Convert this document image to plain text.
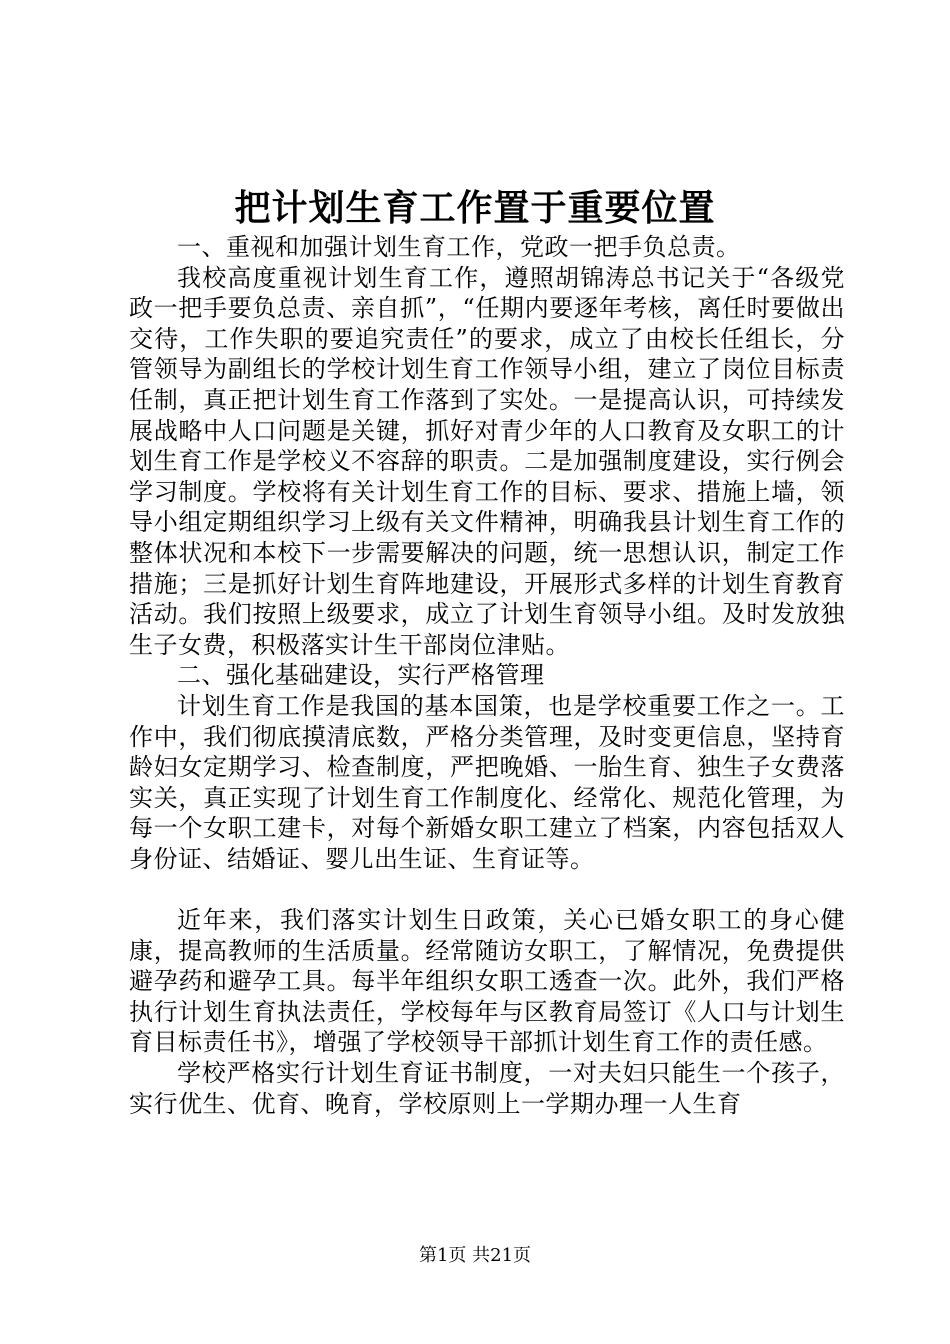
把计划生育工作置于重要位置

一、重视和加强计划生育工作，党政一把手负总责。

我校高度重视计划生育工作，遵照胡锦涛总书记关于“各级党政一把手要负总责、亲自抓”，“任期内要逐年考核，离任时要做出交待，工作失职的要追究责任”的要求，成立了由校长任组长，分管领导为副组长的学校计划生育工作领导小组，建立了岗位目标责任制，真正把计划生育工作落到了实处。一是提高认识，可持续发展战略中人口问题是关键，抓好对青少年的人口教育及女职工的计划生育工作是学校义不容辞的职责。二是加强制度建设，实行例会学习制度。学校将有关计划生育工作的目标、要求、措施上墙，领导小组定期组织学习上级有关文件精神，明确我县计划生育工作的整体状况和本校下一步需要解决的问题，统一思想认识，制定工作措施；三是抓好计划生育阵地建设，开展形式多样的计划生育教育活动。我们按照上级要求，成立了计划生育领导小组。及时发放独生子女费，积极落实计生干部岗位津贴。

二、强化基础建设，实行严格管理

计划生育工作是我国的基本国策，也是学校重要工作之一。工作中，我们彻底摸清底数，严格分类管理，及时变更信息，坚持育龄妇女定期学习、检查制度，严把晚婚、一胎生育、独生子女费落实关，真正实现了计划生育工作制度化、经常化、规范化管理，为每一个女职工建卡，对每个新婚女职工建立了档案，内容包括双人身份证、结婚证、婴儿出生证、生育证等。

近年来，我们落实计划生日政策，关心已婚女职工的身心健康，提高教师的生活质量。经常随访女职工，了解情况，免费提供避孕药和避孕工具。每半年组织女职工透查一次。此外，我们严格执行计划生育执法责任，学校每年与区教育局签订《人口与计划生育目标责任书》，增强了学校领导干部抓计划生育工作的责任感。

学校严格实行计划生育证书制度，一对夫妇只能生一个孩子，实行优生、优育、晚育，学校原则上一学期办理一人生育

第1页 共21页
